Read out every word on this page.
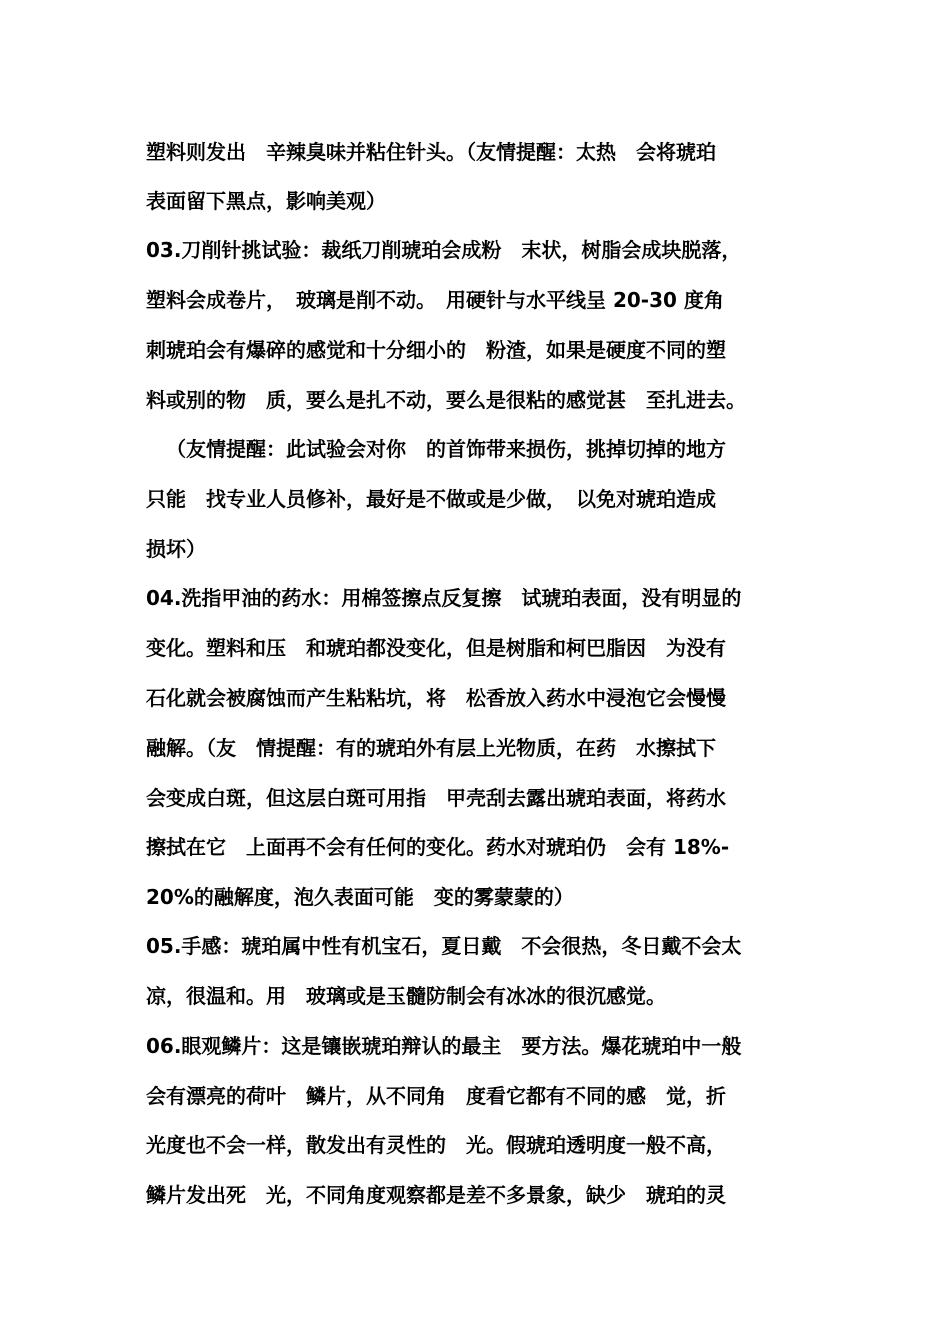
塑料则发出　辛辣臭味并粘住针头。（友情提醒：太热　会将琥珀

表面留下黑点，影响美观）

03.刀削针挑试验：裁纸刀削琥珀会成粉　末状，树脂会成块脱落，

塑料会成卷片，　玻璃是削不动。　用硬针与水平线呈 20-30 度角

刺琥珀会有爆碎的感觉和十分细小的　粉渣，如果是硬度不同的塑

料或别的物　质，要么是扎不动，要么是很粘的感觉甚　至扎进去。

（友情提醒：此试验会对你　的首饰带来损伤，挑掉切掉的地方

只能　找专业人员修补，最好是不做或是少做，　以免对琥珀造成

损坏）

04.洗指甲油的药水：用棉签擦点反复擦　试琥珀表面，没有明显的

变化。塑料和压　和琥珀都没变化，但是树脂和柯巴脂因　为没有

石化就会被腐蚀而产生粘粘坑，将　松香放入药水中浸泡它会慢慢

融解。（友　情提醒：有的琥珀外有层上光物质，在药　水擦拭下

会变成白斑，但这层白斑可用指　甲壳刮去露出琥珀表面，将药水

擦拭在它　上面再不会有任何的变化。药水对琥珀仍　会有 18%-

20%的融解度，泡久表面可能　变的雾蒙蒙的）

05.手感：琥珀属中性有机宝石，夏日戴　不会很热，冬日戴不会太

凉，很温和。用　玻璃或是玉髓防制会有冰冰的很沉感觉。

06.眼观鳞片：这是镶嵌琥珀辩认的最主　要方法。爆花琥珀中一般

会有漂亮的荷叶　鳞片，从不同角　度看它都有不同的感　觉，折

光度也不会一样，散发出有灵性的　光。假琥珀透明度一般不高，

鳞片发出死　光，不同角度观察都是差不多景象，缺少　琥珀的灵
